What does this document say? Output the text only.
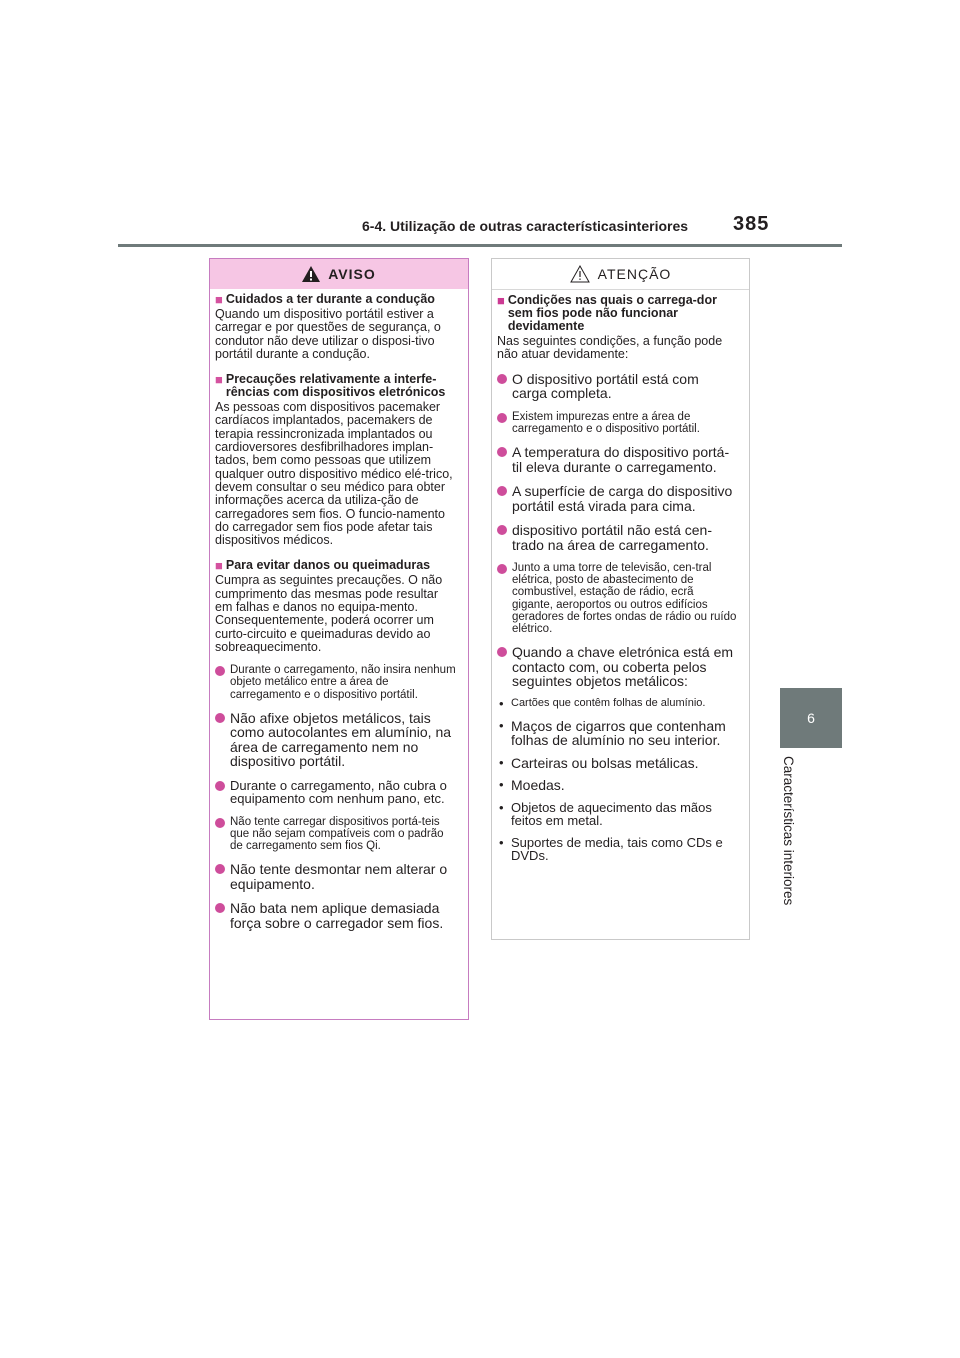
6-4. Utilização de outras característicasinteriores 385
6
Características interiores
AVISO
■ Cuidados a ter durante a condução

Quando um dispositivo portátil estiver a carregar e por questões de segurança, o condutor não deve utilizar o disposi-tivo portátil durante a condução.

■ Precauções relativamente a interfe-rências com dispositivos eletrónicos

As pessoas com dispositivos pacemaker cardíacos implantados, pacemakers de terapia ressincronizada implantados ou cardioversores desfibrilhadores implan-tados, bem como pessoas que utilizem qualquer outro dispositivo médico elé-trico, devem consultar o seu médico para obter informações acerca da utiliza-ção de carregadores sem fios. O funcio-namento do carregador sem fios pode afetar tais dispositivos médicos.

■ Para evitar danos ou queimaduras

Cumpra as seguintes precauções. O não cumprimento das mesmas pode resultar em falhas e danos no equipa-mento. Consequentemente, poderá ocorrer um curto-circuito e queimaduras devido ao sobreaquecimento.

Durante o carregamento, não insira nenhum objeto metálico entre a área de carregamento e o dispositivo portátil.
Não afixe objetos metálicos, tais como autocolantes em alumínio, na área de carregamento nem no dispositivo portátil.
Durante o carregamento, não cubra o equipamento com nenhum pano, etc.
Não tente carregar dispositivos portá-teis que não sejam compatíveis com o padrão de carregamento sem fios Qi.
Não tente desmontar nem alterar o equipamento.
Não bata nem aplique demasiada força sobre o carregador sem fios.
ATENÇÃO
■ Condições nas quais o carrega-dor sem fios pode não funcionar devidamente

Nas seguintes condições, a função pode não atuar devidamente:

O dispositivo portátil está com carga completa.
Existem impurezas entre a área de carregamento e o dispositivo portátil.
A temperatura do dispositivo portá-til eleva durante o carregamento.
A superfície de carga do dispositivo portátil está virada para cima.
dispositivo portátil não está cen-trado na área de carregamento.
Junto a uma torre de televisão, cen-tral elétrica, posto de abastecimento de combustível, estação de rádio, ecrã gigante, aeroportos ou outros edifícios geradores de fortes ondas de rádio ou ruído elétrico.
Quando a chave eletrónica está em contacto com, ou coberta pelos seguintes objetos metálicos:
• Cartões que contêm folhas de alumínio.
• Maços de cigarros que contenham folhas de alumínio no seu interior.
• Carteiras ou bolsas metálicas.
• Moedas.
• Objetos de aquecimento das mãos feitos em metal.
• Suportes de media, tais como CDs e DVDs.
